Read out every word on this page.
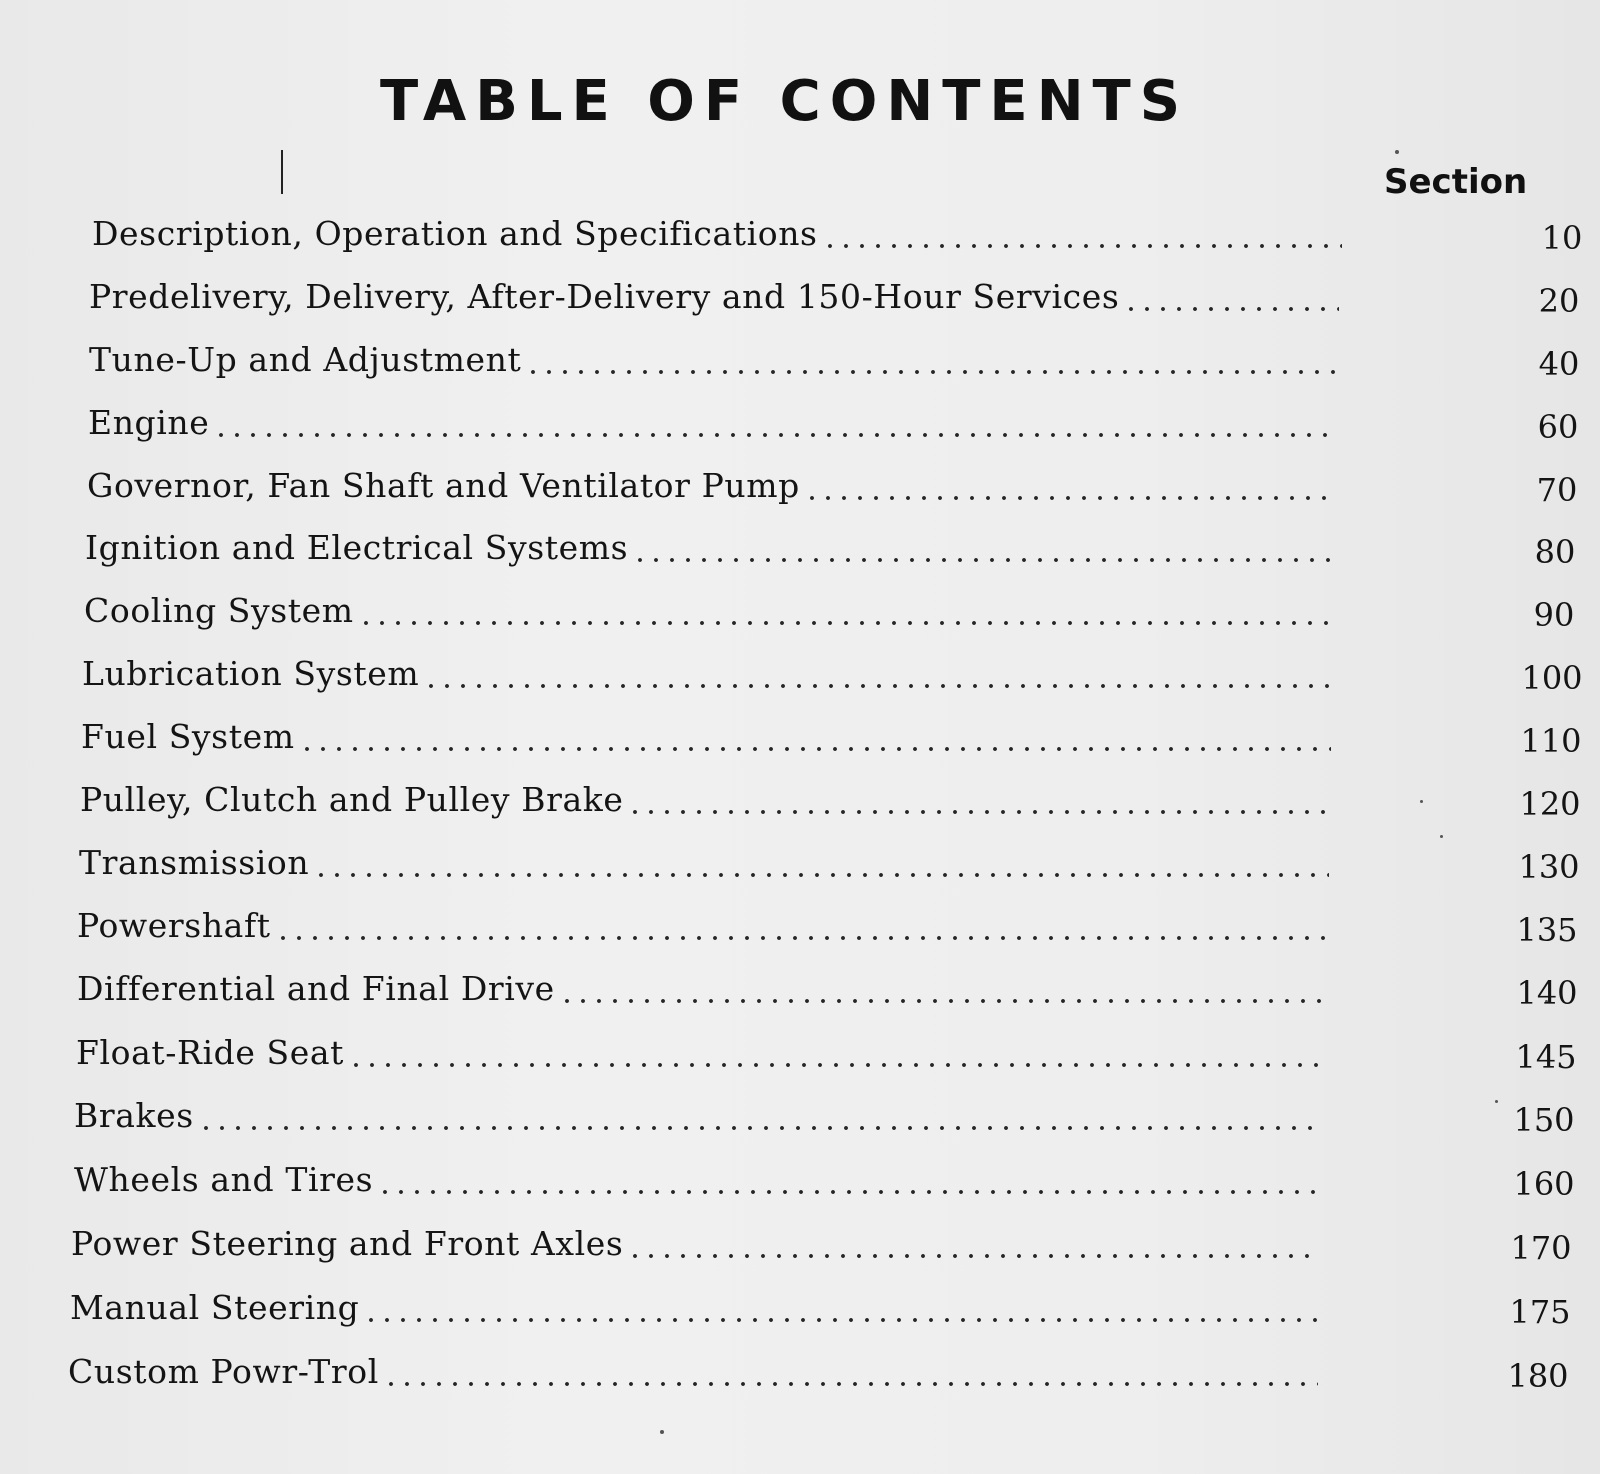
TABLE OF CONTENTS
Section
Description, Operation and Specifications	10
Predelivery, Delivery, After-Delivery and 150-Hour Services	20
Tune-Up and Adjustment	40
Engine	60
Governor, Fan Shaft and Ventilator Pump	70
Ignition and Electrical Systems	80
Cooling System	90
Lubrication System	100
Fuel System	110
Pulley, Clutch and Pulley Brake	120
Transmission	130
Powershaft	135
Differential and Final Drive	140
Float-Ride Seat	145
Brakes	150
Wheels and Tires	160
Power Steering and Front Axles	170
Manual Steering	175
Custom Powr-Trol	180
